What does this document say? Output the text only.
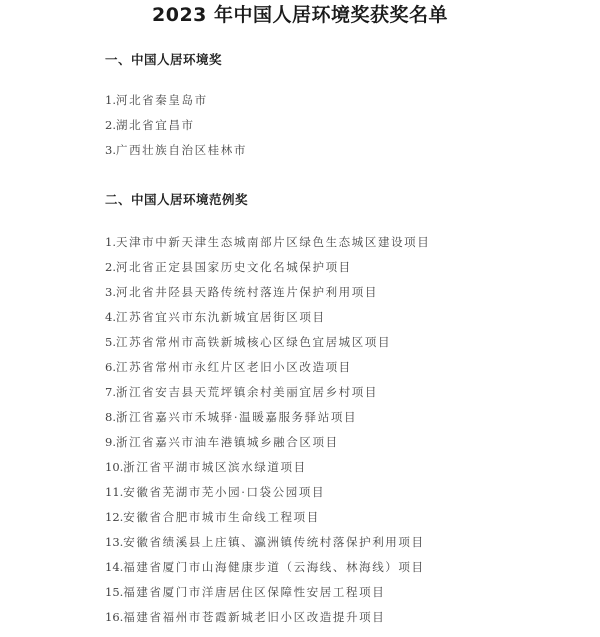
2023 年中国人居环境奖获奖名单
一、中国人居环境奖
1.河北省秦皇岛市
2.湖北省宜昌市
3.广西壮族自治区桂林市
二、中国人居环境范例奖
1.天津市中新天津生态城南部片区绿色生态城区建设项目
2.河北省正定县国家历史文化名城保护项目
3.河北省井陉县天路传统村落连片保护利用项目
4.江苏省宜兴市东氿新城宜居街区项目
5.江苏省常州市高铁新城核心区绿色宜居城区项目
6.江苏省常州市永红片区老旧小区改造项目
7.浙江省安吉县天荒坪镇余村美丽宜居乡村项目
8.浙江省嘉兴市禾城驿·温暖嘉服务驿站项目
9.浙江省嘉兴市油车港镇城乡融合区项目
10.浙江省平湖市城区滨水绿道项目
11.安徽省芜湖市芜小园·口袋公园项目
12.安徽省合肥市城市生命线工程项目
13.安徽省绩溪县上庄镇、瀛洲镇传统村落保护利用项目
14.福建省厦门市山海健康步道（云海线、林海线）项目
15.福建省厦门市洋唐居住区保障性安居工程项目
16.福建省福州市苍霞新城老旧小区改造提升项目
